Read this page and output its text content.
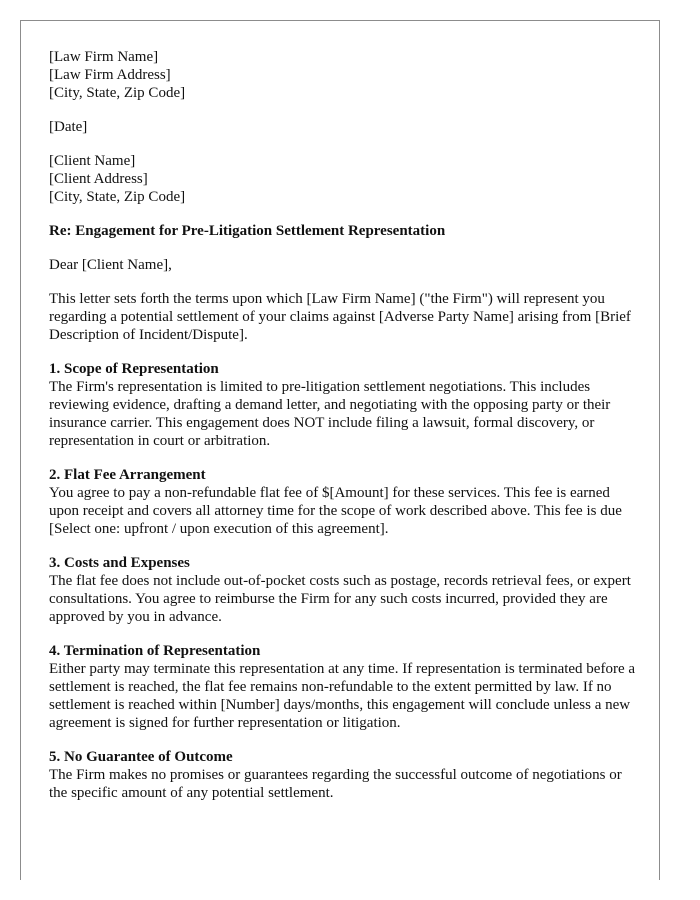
[Law Firm Name]
[Law Firm Address]
[City, State, Zip Code]
[Date]
[Client Name]
[Client Address]
[City, State, Zip Code]
Re: Engagement for Pre-Litigation Settlement Representation
Dear [Client Name],
This letter sets forth the terms upon which [Law Firm Name] ("the Firm") will represent you regarding a potential settlement of your claims against [Adverse Party Name] arising from [Brief Description of Incident/Dispute].
1. Scope of Representation
The Firm's representation is limited to pre-litigation settlement negotiations. This includes reviewing evidence, drafting a demand letter, and negotiating with the opposing party or their insurance carrier. This engagement does NOT include filing a lawsuit, formal discovery, or representation in court or arbitration.
2. Flat Fee Arrangement
You agree to pay a non-refundable flat fee of $[Amount] for these services. This fee is earned upon receipt and covers all attorney time for the scope of work described above. This fee is due [Select one: upfront / upon execution of this agreement].
3. Costs and Expenses
The flat fee does not include out-of-pocket costs such as postage, records retrieval fees, or expert consultations. You agree to reimburse the Firm for any such costs incurred, provided they are approved by you in advance.
4. Termination of Representation
Either party may terminate this representation at any time. If representation is terminated before a settlement is reached, the flat fee remains non-refundable to the extent permitted by law. If no settlement is reached within [Number] days/months, this engagement will conclude unless a new agreement is signed for further representation or litigation.
5. No Guarantee of Outcome
The Firm makes no promises or guarantees regarding the successful outcome of negotiations or the specific amount of any potential settlement.
